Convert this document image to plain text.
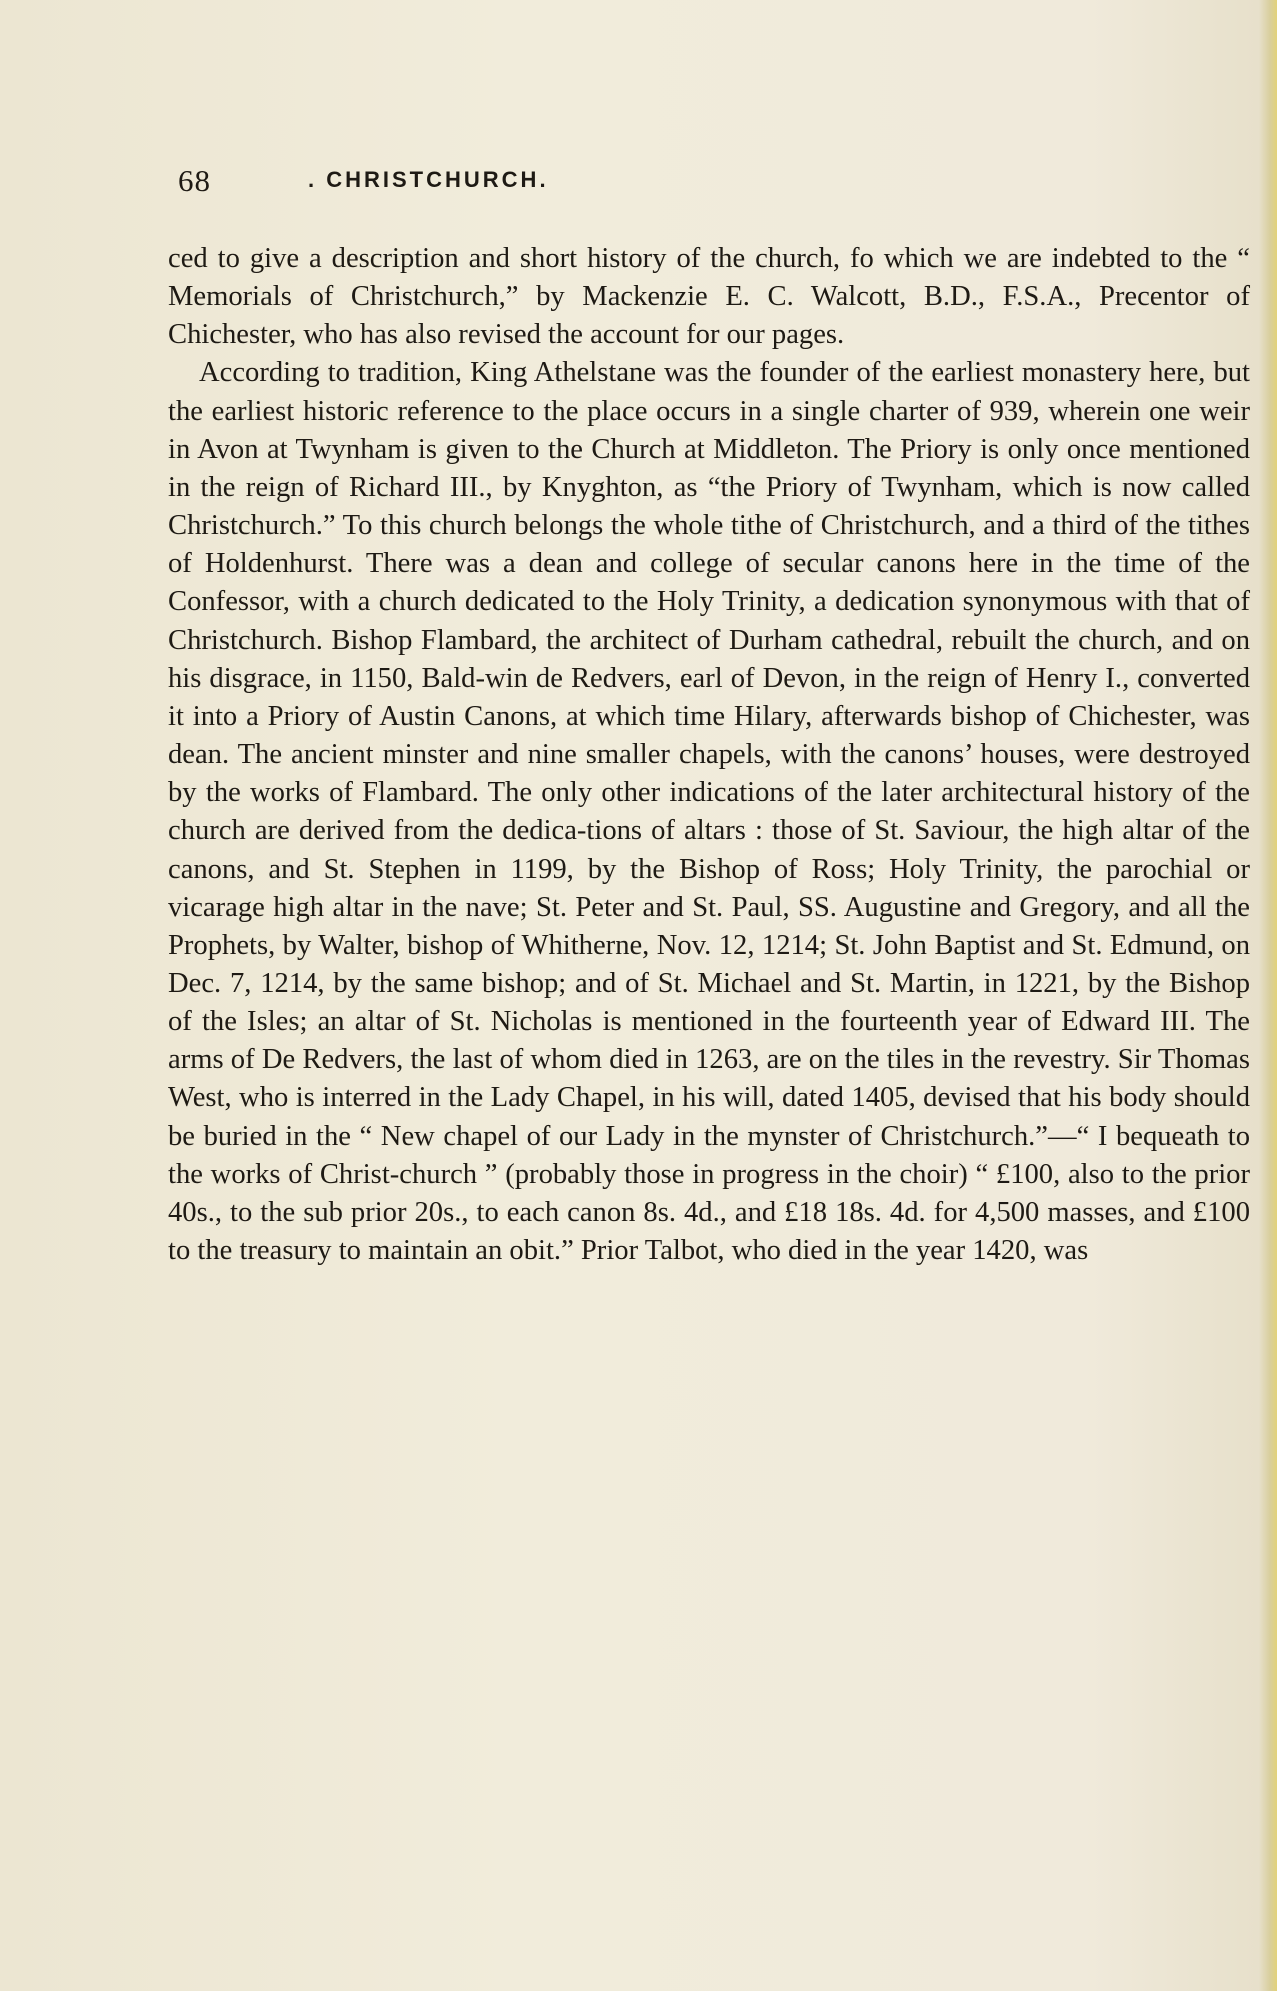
68	. CHRISTCHURCH.

ced to give a description and short history of the church, fo which we are indebted to the “ Memorials of Christchurch,” by Mackenzie E. C. Walcott, B.D., F.S.A., Precentor of Chichester, who has also revised the account for our pages.

According to tradition, King Athelstane was the founder of the earliest monastery here, but the earliest historic reference to the place occurs in a single charter of 939, wherein one weir in Avon at Twynham is given to the Church at Middleton. The Priory is only once mentioned in the reign of Richard III., by Knyghton, as “the Priory of Twynham, which is now called Christchurch.” To this church belongs the whole tithe of Christchurch, and a third of the tithes of Holdenhurst. There was a dean and college of secular canons here in the time of the Confessor, with a church dedicated to the Holy Trinity, a dedication synonymous with that of Christchurch. Bishop Flambard, the architect of Durham cathedral, rebuilt the church, and on his disgrace, in 1150, Bald-win de Redvers, earl of Devon, in the reign of Henry I., converted it into a Priory of Austin Canons, at which time Hilary, afterwards bishop of Chichester, was dean. The ancient minster and nine smaller chapels, with the canons’ houses, were destroyed by the works of Flambard. The only other indications of the later architectural history of the church are derived from the dedica-tions of altars : those of St. Saviour, the high altar of the canons, and St. Stephen in 1199, by the Bishop of Ross; Holy Trinity, the parochial or vicarage high altar in the nave; St. Peter and St. Paul, SS. Augustine and Gregory, and all the Prophets, by Walter, bishop of Whitherne, Nov. 12, 1214; St. John Baptist and St. Edmund, on Dec. 7, 1214, by the same bishop; and of St. Michael and St. Martin, in 1221, by the Bishop of the Isles; an altar of St. Nicholas is mentioned in the fourteenth year of Edward III. The arms of De Redvers, the last of whom died in 1263, are on the tiles in the revestry. Sir Thomas West, who is interred in the Lady Chapel, in his will, dated 1405, devised that his body should be buried in the “ New chapel of our Lady in the mynster of Christchurch.”—“ I bequeath to the works of Christ-church ” (probably those in progress in the choir) “ £100, also to the prior 40s., to the sub prior 20s., to each canon 8s. 4d., and £18 18s. 4d. for 4,500 masses, and £100 to the treasury to maintain an obit.” Prior Talbot, who died in the year 1420, was
